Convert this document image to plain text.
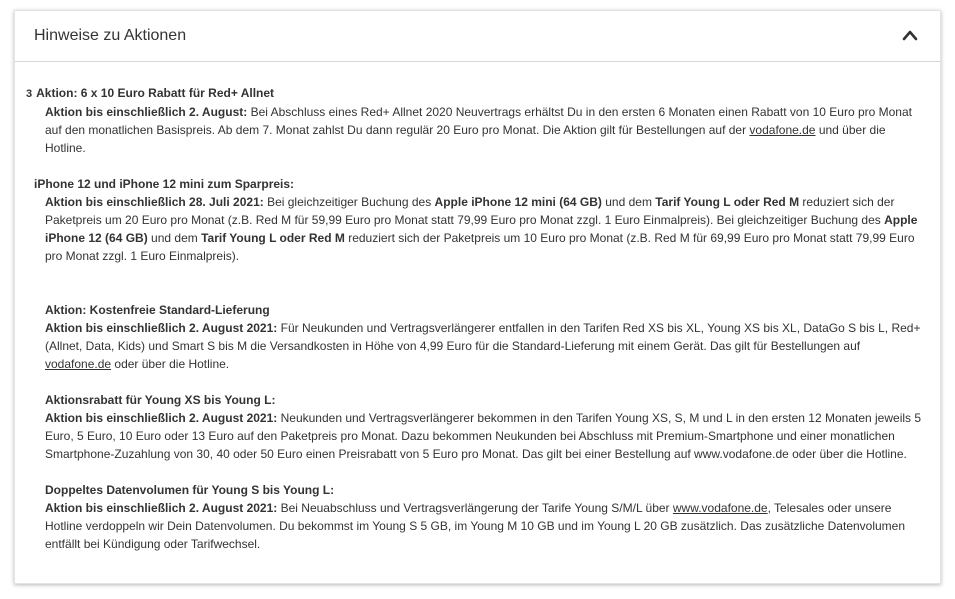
Hinweise zu Aktionen
3 Aktion: 6 x 10 Euro Rabatt für Red+ Allnet
Aktion bis einschließlich 2. August: Bei Abschluss eines Red+ Allnet 2020 Neuvertrags erhältst Du in den ersten 6 Monaten einen Rabatt von 10 Euro pro Monat auf den monatlichen Basispreis. Ab dem 7. Monat zahlst Du dann regulär 20 Euro pro Monat. Die Aktion gilt für Bestellungen auf der vodafone.de und über die Hotline.
iPhone 12 und iPhone 12 mini zum Sparpreis:
Aktion bis einschließlich 28. Juli 2021: Bei gleichzeitiger Buchung des Apple iPhone 12 mini (64 GB) und dem Tarif Young L oder Red M reduziert sich der Paketpreis um 20 Euro pro Monat (z.B. Red M für 59,99 Euro pro Monat statt 79,99 Euro pro Monat zzgl. 1 Euro Einmalpreis). Bei gleichzeitiger Buchung des Apple iPhone 12 (64 GB) und dem Tarif Young L oder Red M reduziert sich der Paketpreis um 10 Euro pro Monat (z.B. Red M für 69,99 Euro pro Monat statt 79,99 Euro pro Monat zzgl. 1 Euro Einmalpreis).
Aktion: Kostenfreie Standard-Lieferung
Aktion bis einschließlich 2. August 2021: Für Neukunden und Vertragsverlängerer entfallen in den Tarifen Red XS bis XL, Young XS bis XL, DataGo S bis L, Red+ (Allnet, Data, Kids) und Smart S bis M die Versandkosten in Höhe von 4,99 Euro für die Standard-Lieferung mit einem Gerät. Das gilt für Bestellungen auf vodafone.de oder über die Hotline.
Aktionsrabatt für Young XS bis Young L:
Aktion bis einschließlich 2. August 2021: Neukunden und Vertragsverlängerer bekommen in den Tarifen Young XS, S, M und L in den ersten 12 Monaten jeweils 5 Euro, 5 Euro, 10 Euro oder 13 Euro auf den Paketpreis pro Monat. Dazu bekommen Neukunden bei Abschluss mit Premium-Smartphone und einer monatlichen Smartphone-Zuzahlung von 30, 40 oder 50 Euro einen Preisrabatt von 5 Euro pro Monat. Das gilt bei einer Bestellung auf www.vodafone.de oder über die Hotline.
Doppeltes Datenvolumen für Young S bis Young L:
Aktion bis einschließlich 2. August 2021: Bei Neuabschluss und Vertragsverlängerung der Tarife Young S/M/L über www.vodafone.de, Telesales oder unsere Hotline verdoppeln wir Dein Datenvolumen. Du bekommst im Young S 5 GB, im Young M 10 GB und im Young L 20 GB zusätzlich. Das zusätzliche Datenvolumen entfällt bei Kündigung oder Tarifwechsel.
